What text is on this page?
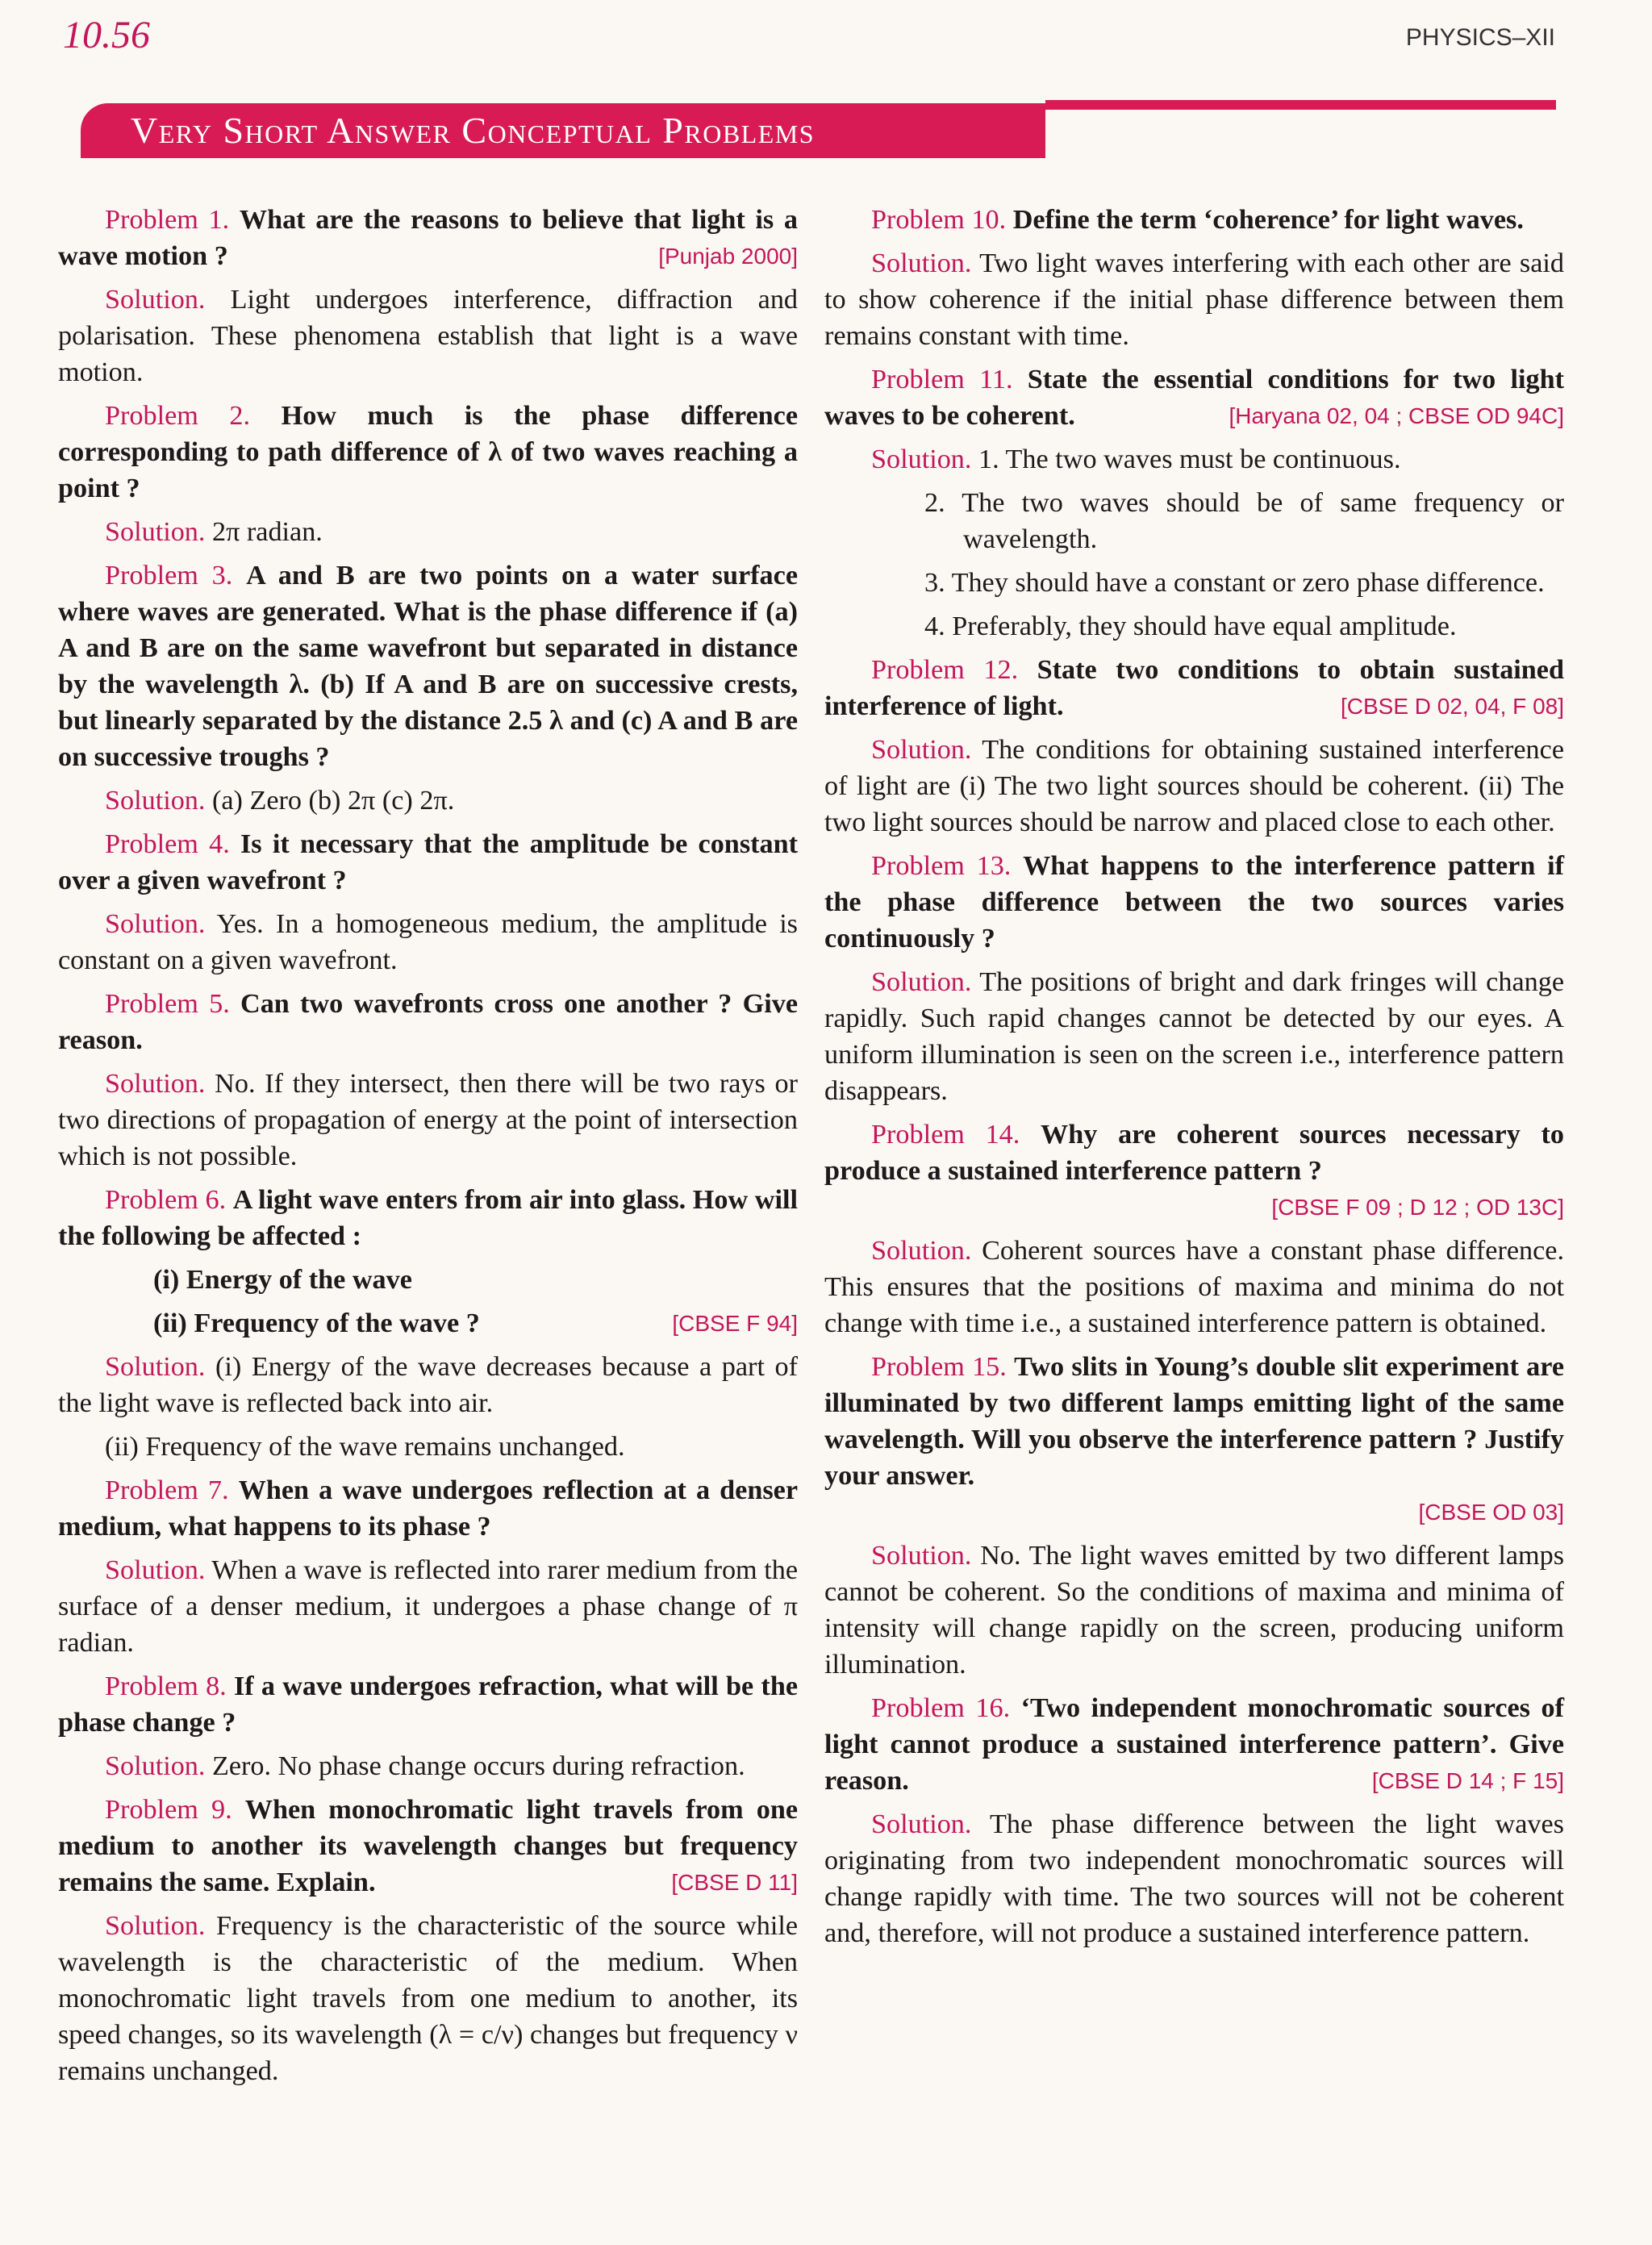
10.56	PHYSICS–XII
Very Short Answer Conceptual Problems

Problem 1. What are the reasons to believe that light is a wave motion ?	[Punjab 2000]

Solution. Light undergoes interference, diffraction and polarisation. These phenomena establish that light is a wave motion.

Problem 2. How much is the phase difference corresponding to path difference of λ of two waves reaching a point ?

Solution. 2π radian.

Problem 3. A and B are two points on a water surface where waves are generated. What is the phase difference if (a) A and B are on the same wavefront but separated in distance by the wavelength λ. (b) If A and B are on successive crests, but linearly separated by the distance 2.5 λ and (c) A and B are on successive troughs ?

Solution. (a) Zero (b) 2π (c) 2π.

Problem 4. Is it necessary that the amplitude be constant over a given wavefront ?

Solution. Yes. In a homogeneous medium, the amplitude is constant on a given wavefront.

Problem 5. Can two wavefronts cross one another ? Give reason.

Solution. No. If they intersect, then there will be two rays or two directions of propagation of energy at the point of intersection which is not possible.

Problem 6. A light wave enters from air into glass. How will the following be affected :

(i) Energy of the wave

(ii) Frequency of the wave ?	[CBSE F 94]

Solution. (i) Energy of the wave decreases because a part of the light wave is reflected back into air.

(ii) Frequency of the wave remains unchanged.

Problem 7. When a wave undergoes reflection at a denser medium, what happens to its phase ?

Solution. When a wave is reflected into rarer medium from the surface of a denser medium, it undergoes a phase change of π radian.

Problem 8. If a wave undergoes refraction, what will be the phase change ?

Solution. Zero. No phase change occurs during refraction.

Problem 9. When monochromatic light travels from one medium to another its wavelength changes but frequency remains the same. Explain.	[CBSE D 11]

Solution. Frequency is the characteristic of the source while wavelength is the characteristic of the medium. When monochromatic light travels from one medium to another, its speed changes, so its wavelength (λ = c/ν) changes but frequency ν remains unchanged.

Problem 10. Define the term ‘coherence’ for light waves.

Solution. Two light waves interfering with each other are said to show coherence if the initial phase difference between them remains constant with time.

Problem 11. State the essential conditions for two light waves to be coherent.	[Haryana 02, 04 ; CBSE OD 94C]

Solution. 1. The two waves must be continuous.

2. The two waves should be of same frequency or wavelength.

3. They should have a constant or zero phase difference.

4. Preferably, they should have equal amplitude.

Problem 12. State two conditions to obtain sustained interference of light.	[CBSE D 02, 04, F 08]

Solution. The conditions for obtaining sustained interference of light are (i) The two light sources should be coherent. (ii) The two light sources should be narrow and placed close to each other.

Problem 13. What happens to the interference pattern if the phase difference between the two sources varies continuously ?

Solution. The positions of bright and dark fringes will change rapidly. Such rapid changes cannot be detected by our eyes. A uniform illumination is seen on the screen i.e., interference pattern disappears.

Problem 14. Why are coherent sources necessary to produce a sustained interference pattern ?
[CBSE F 09 ; D 12 ; OD 13C]

Solution. Coherent sources have a constant phase difference. This ensures that the positions of maxima and minima do not change with time i.e., a sustained interference pattern is obtained.

Problem 15. Two slits in Young’s double slit experiment are illuminated by two different lamps emitting light of the same wavelength. Will you observe the interference pattern ? Justify your answer.
[CBSE OD 03]

Solution. No. The light waves emitted by two different lamps cannot be coherent. So the conditions of maxima and minima of intensity will change rapidly on the screen, producing uniform illumination.

Problem 16. ‘Two independent monochromatic sources of light cannot produce a sustained interference pattern’. Give reason.	[CBSE D 14 ; F 15]

Solution. The phase difference between the light waves originating from two independent monochromatic sources will change rapidly with time. The two sources will not be coherent and, therefore, will not produce a sustained interference pattern.
